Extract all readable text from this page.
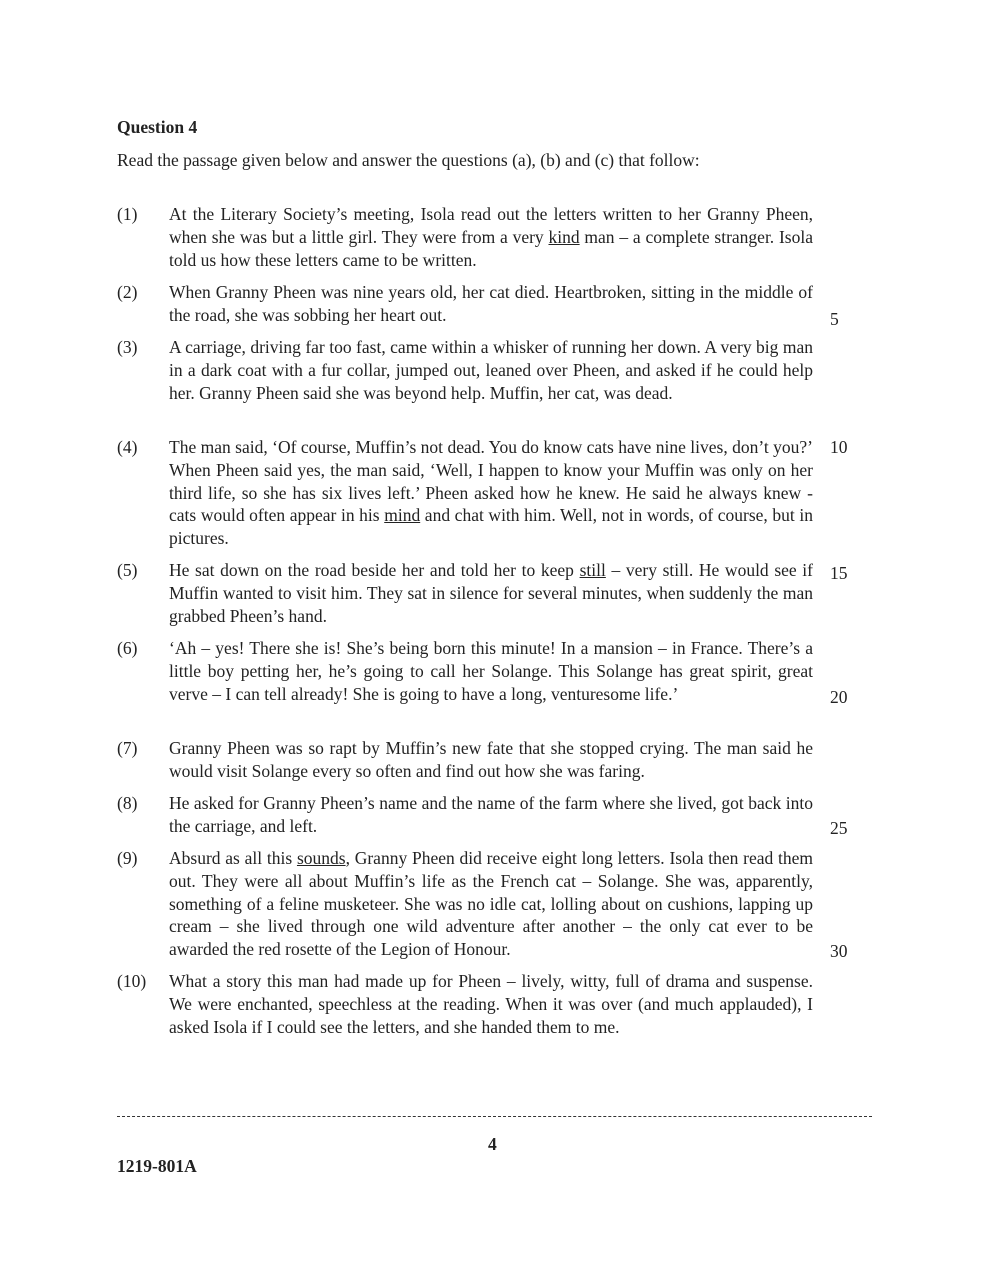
Question 4
Read the passage given below and answer the questions (a), (b) and (c) that follow:
(1) At the Literary Society’s meeting, Isola read out the letters written to her Granny Pheen, when she was but a little girl. They were from a very kind man – a complete stranger. Isola told us how these letters came to be written.
(2) When Granny Pheen was nine years old, her cat died. Heartbroken, sitting in the middle of the road, she was sobbing her heart out.
(3) A carriage, driving far too fast, came within a whisker of running her down. A very big man in a dark coat with a fur collar, jumped out, leaned over Pheen, and asked if he could help her. Granny Pheen said she was beyond help. Muffin, her cat, was dead.
(4) The man said, ‘Of course, Muffin’s not dead. You do know cats have nine lives, don’t you?’ When Pheen said yes, the man said, ‘Well, I happen to know your Muffin was only on her third life, so she has six lives left.’ Pheen asked how he knew. He said he always knew - cats would often appear in his mind and chat with him. Well, not in words, of course, but in pictures.
(5) He sat down on the road beside her and told her to keep still – very still. He would see if Muffin wanted to visit him. They sat in silence for several minutes, when suddenly the man grabbed Pheen’s hand.
(6) ‘Ah – yes! There she is! She’s being born this minute! In a mansion – in France. There’s a little boy petting her, he’s going to call her Solange. This Solange has great spirit, great verve – I can tell already! She is going to have a long, venturesome life.’
(7) Granny Pheen was so rapt by Muffin’s new fate that she stopped crying. The man said he would visit Solange every so often and find out how she was faring.
(8) He asked for Granny Pheen’s name and the name of the farm where she lived, got back into the carriage, and left.
(9) Absurd as all this sounds, Granny Pheen did receive eight long letters. Isola then read them out. They were all about Muffin’s life as the French cat – Solange. She was, apparently, something of a feline musketeer. She was no idle cat, lolling about on cushions, lapping up cream – she lived through one wild adventure after another – the only cat ever to be awarded the red rosette of the Legion of Honour.
(10) What a story this man had made up for Pheen – lively, witty, full of drama and suspense. We were enchanted, speechless at the reading. When it was over (and much applauded), I asked Isola if I could see the letters, and she handed them to me.
5
10
15
20
25
30
4
1219-801A
